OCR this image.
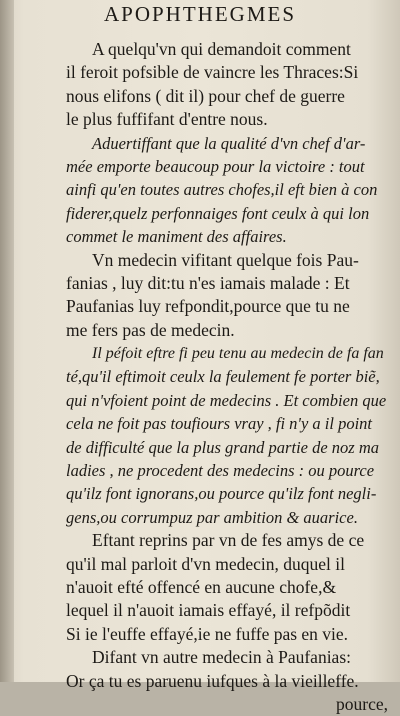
APOPHTHEGMES
A quelqu'vn qui demandoit comment
il feroit pofsible de vaincre les Thraces:Si
nous elifons ( dit il) pour chef de guerre
le plus fuffifant d'entre nous.
Aduertiffant que la qualité d'vn chef d'ar-
mée emporte beaucoup pour la victoire : tout
ainfi qu'en toutes autres chofes,il eft bien à con
fiderer,quelz perfonnaiges font ceulx à qui lon
commet le maniment des affaires.
Vn medecin vifitant quelque fois Pau-
fanias , luy dit:tu n'es iamais malade : Et
Paufanias luy refpondit,pource que tu ne
me fers pas de medecin.
Il péfoit eftre fi peu tenu au medecin de fa fan
té,qu'il eftimoit ceulx la feulement fe porter biẽ,
qui n'vfoient point de medecins . Et combien que
cela ne foit pas toufiours vray , fi n'y a il point
de difficulté que la plus grand partie de noz ma
ladies , ne procedent des medecins : ou pource
qu'ilz font ignorans,ou pource qu'ilz font negli-
gens,ou corrumpuz par ambition & auarice.
Eftant reprins par vn de fes amys de ce
qu'il mal parloit d'vn medecin, duquel il
n'auoit efté offencé en aucune chofe,&
lequel il n'auoit iamais effayé, il refpõdit
Si ie l'euffe effayé,ie ne fuffe pas en vie.
Difant vn autre medecin à Paufanias:
Or ça tu es paruenu iufques à la vieilleffe.
pource,
